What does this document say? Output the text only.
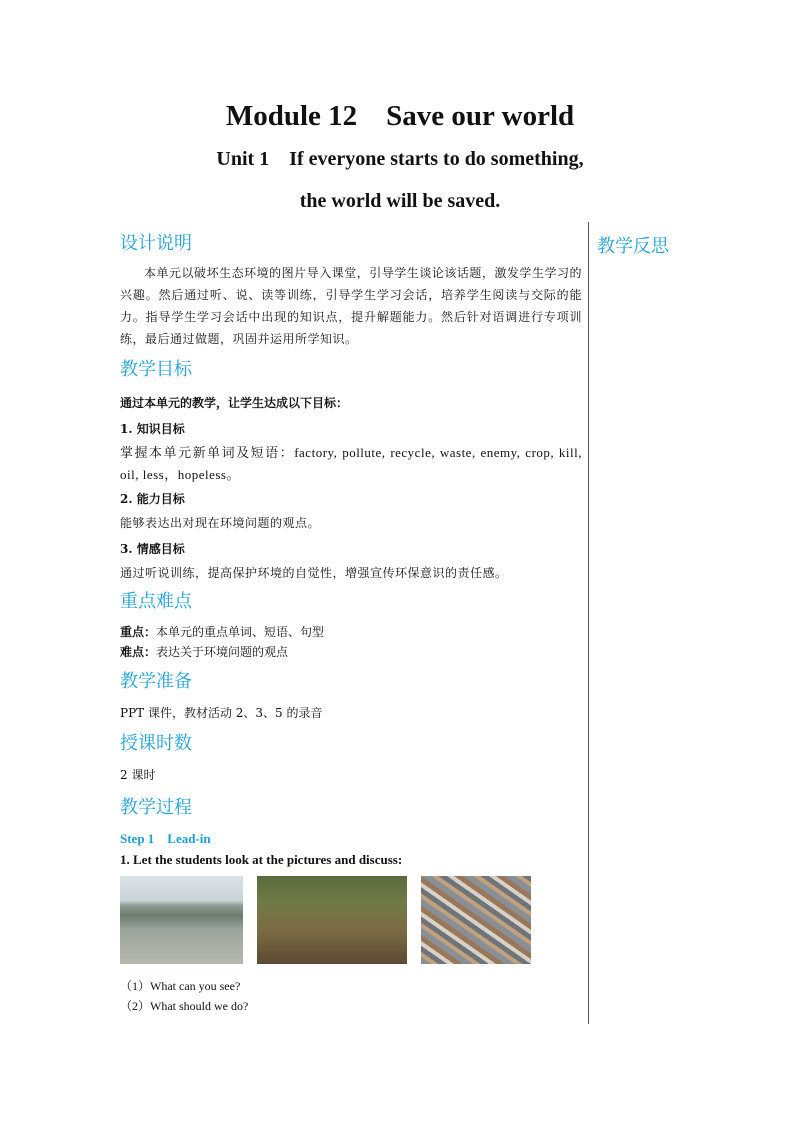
Module 12    Save our world
Unit 1    If everyone starts to do something,
the world will be saved.
教学反思
设计说明

本单元以破坏生态环境的图片导入课堂，引导学生谈论该话题，激发学生学习的兴趣。然后通过听、说、读等训练，引导学生学习会话，培养学生阅读与交际的能力。指导学生学习会话中出现的知识点，提升解题能力。然后针对语调进行专项训练，最后通过做题，巩固并运用所学知识。

教学目标

通过本单元的教学，让学生达成以下目标：

1. 知识目标

掌握本单元新单词及短语：factory, pollute, recycle, waste, enemy, crop, kill, oil, less，hopeless。

2. 能力目标

能够表达出对现在环境问题的观点。

3. 情感目标

通过听说训练，提高保护环境的自觉性，增强宣传环保意识的责任感。

重点难点

重点：本单元的重点单词、短语、句型

难点：表达关于环境问题的观点

教学准备

PPT 课件，教材活动 2、3、5 的录音

授课时数

2 课时

教学过程

Step 1    Lead-in

1. Let the students look at the pictures and discuss:

（1）What can you see?

（2）What should we do?
